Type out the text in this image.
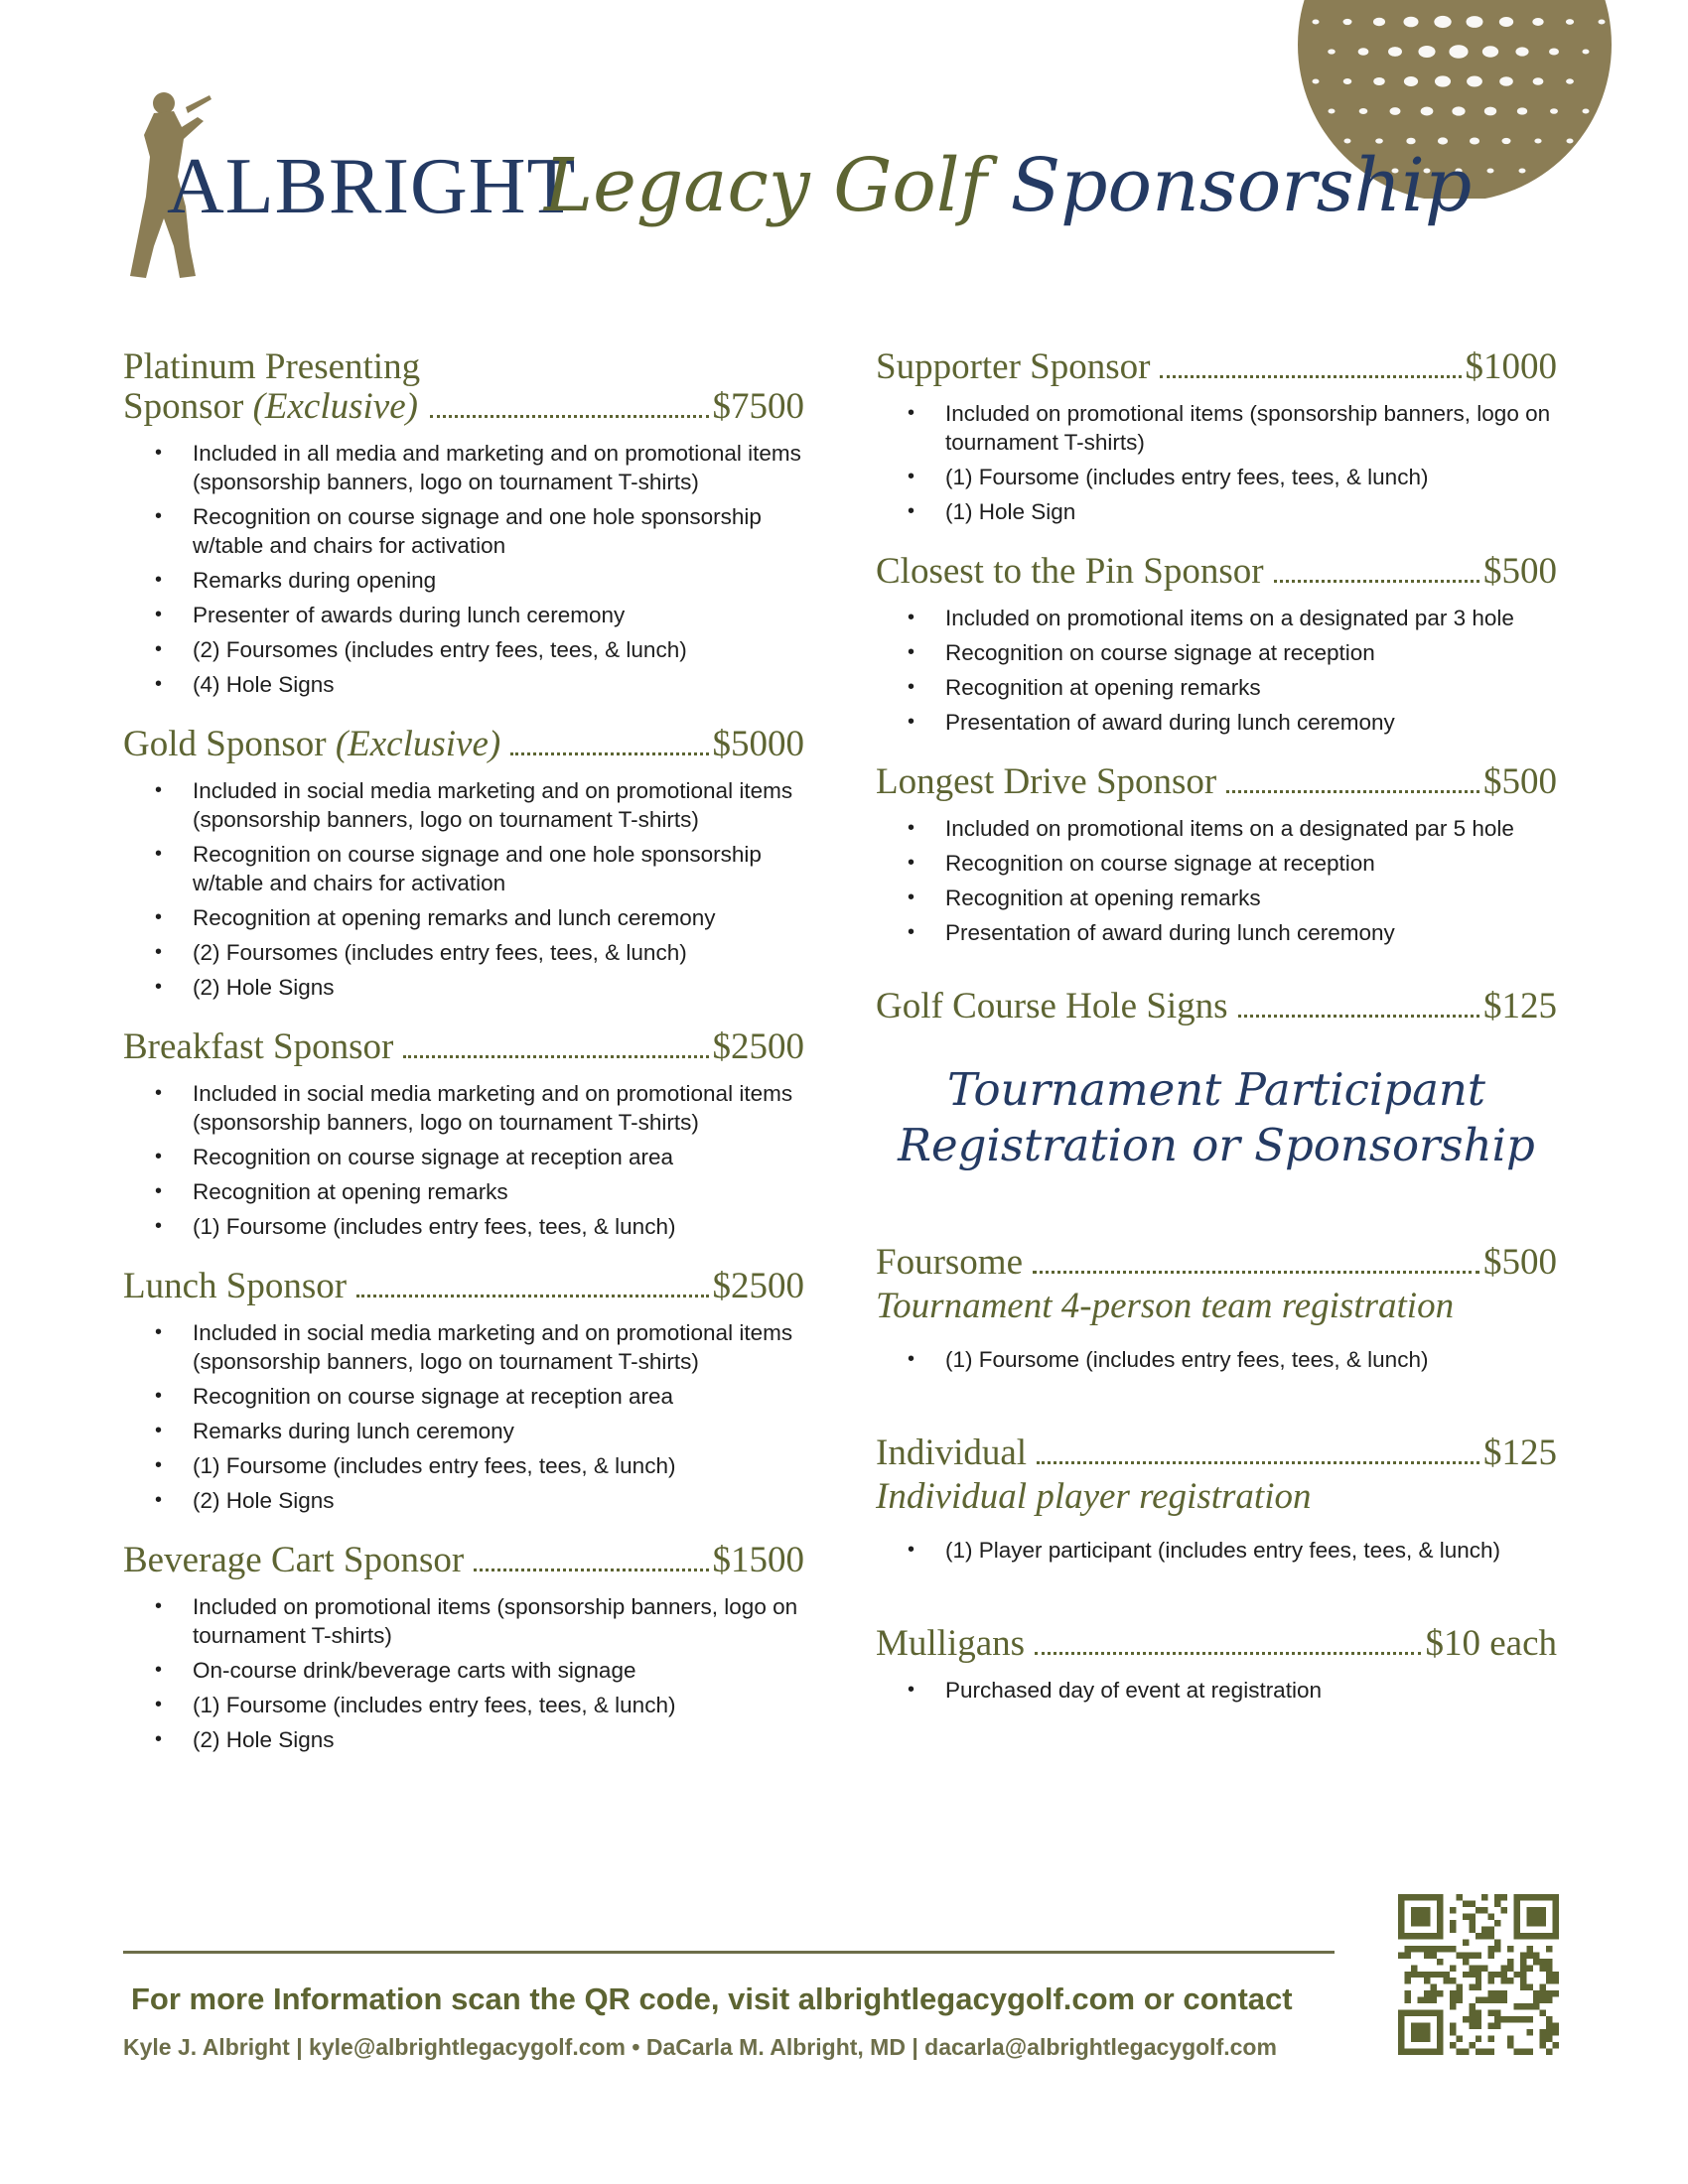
ALBRIGHT
Legacy Golf Sponsorship
Platinum Presenting
Sponsor (Exclusive)	$7500
• Included in all media and marketing and on promotional items (sponsorship banners, logo on tournament T-shirts)
• Recognition on course signage and one hole sponsorship w/table and chairs for activation
• Remarks during opening
• Presenter of awards during lunch ceremony
• (2) Foursomes (includes entry fees, tees, & lunch)
• (4) Hole Signs
Gold Sponsor (Exclusive)	$5000
• Included in social media marketing and on promotional items (sponsorship banners, logo on tournament T-shirts)
• Recognition on course signage and one hole sponsorship w/table and chairs for activation
• Recognition at opening remarks and lunch ceremony
• (2) Foursomes (includes entry fees, tees, & lunch)
• (2) Hole Signs
Breakfast Sponsor	$2500
• Included in social media marketing and on promotional items (sponsorship banners, logo on tournament T-shirts)
• Recognition on course signage at reception area
• Recognition at opening remarks
• (1) Foursome (includes entry fees, tees, & lunch)
Lunch Sponsor	$2500
• Included in social media marketing and on promotional items (sponsorship banners, logo on tournament T-shirts)
• Recognition on course signage at reception area
• Remarks during lunch ceremony
• (1) Foursome (includes entry fees, tees, & lunch)
• (2) Hole Signs
Beverage Cart Sponsor	$1500
• Included on promotional items (sponsorship banners, logo on tournament T-shirts)
• On-course drink/beverage carts with signage
• (1) Foursome (includes entry fees, tees, & lunch)
• (2) Hole Signs
Supporter Sponsor	$1000
• Included on promotional items (sponsorship banners, logo on tournament T-shirts)
• (1) Foursome (includes entry fees, tees, & lunch)
• (1) Hole Sign
Closest to the Pin Sponsor	$500
• Included on promotional items on a designated par 3 hole
• Recognition on course signage at reception
• Recognition at opening remarks
• Presentation of award during lunch ceremony
Longest Drive Sponsor	$500
• Included on promotional items on a designated par 5 hole
• Recognition on course signage at reception
• Recognition at opening remarks
• Presentation of award during lunch ceremony
Golf Course Hole Signs	$125
Tournament Participant
Registration or Sponsorship
Foursome	$500
Tournament 4-person team registration
• (1) Foursome (includes entry fees, tees, & lunch)
Individual	$125
Individual player registration
• (1) Player participant (includes entry fees, tees, & lunch)
Mulligans	$10 each
• Purchased day of event at registration
For more Information scan the QR code, visit albrightlegacygolf.com or contact
Kyle J. Albright | kyle@albrightlegacygolf.com • DaCarla M. Albright, MD | dacarla@albrightlegacygolf.com
